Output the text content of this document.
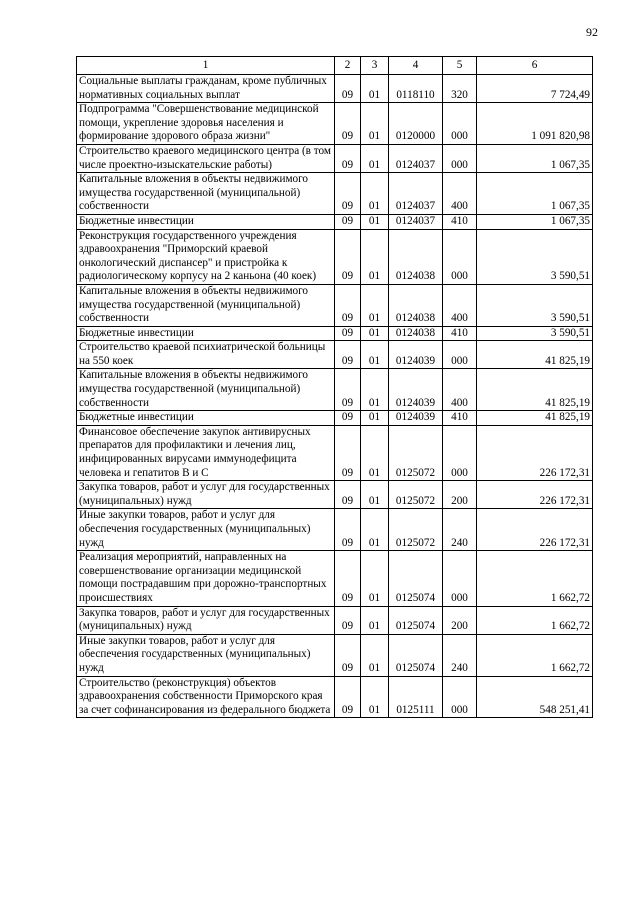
92
1	2	3	4	5	6
Социальные выплаты гражданам, кроме публичных нормативных социальных выплат	09	01	0118110	320	7 724,49
Подпрограмма "Совершенствование медицинской помощи, укрепление здоровья населения и формирование здорового образа жизни"	09	01	0120000	000	1 091 820,98
Строительство краевого медицинского центра (в том числе проектно-изыскательские работы)	09	01	0124037	000	1 067,35
Капитальные вложения в объекты недвижимого имущества государственной (муниципальной) собственности	09	01	0124037	400	1 067,35
Бюджетные инвестиции	09	01	0124037	410	1 067,35
Реконструкция государственного учреждения здравоохранения "Приморский краевой онкологический диспансер" и пристройка к радиологическому корпусу на 2 каньона (40 коек)	09	01	0124038	000	3 590,51
Капитальные вложения в объекты недвижимого имущества государственной (муниципальной) собственности	09	01	0124038	400	3 590,51
Бюджетные инвестиции	09	01	0124038	410	3 590,51
Строительство краевой психиатрической больницы на 550 коек	09	01	0124039	000	41 825,19
Капитальные вложения в объекты недвижимого имущества государственной (муниципальной) собственности	09	01	0124039	400	41 825,19
Бюджетные инвестиции	09	01	0124039	410	41 825,19
Финансовое обеспечение закупок антивирусных препаратов для профилактики и лечения лиц, инфицированных вирусами иммунодефицита человека и гепатитов В и С	09	01	0125072	000	226 172,31
Закупка товаров, работ и услуг для государственных (муниципальных) нужд	09	01	0125072	200	226 172,31
Иные закупки товаров, работ и услуг для обеспечения государственных (муниципальных) нужд	09	01	0125072	240	226 172,31
Реализация мероприятий, направленных на совершенствование организации медицинской помощи пострадавшим при дорожно-транспортных происшествиях	09	01	0125074	000	1 662,72
Закупка товаров, работ и услуг для государственных (муниципальных) нужд	09	01	0125074	200	1 662,72
Иные закупки товаров, работ и услуг для обеспечения государственных (муниципальных) нужд	09	01	0125074	240	1 662,72
Строительство (реконструкция) объектов здравоохранения собственности Приморского края за счет софинансирования из федерального бюджета	09	01	0125111	000	548 251,41
